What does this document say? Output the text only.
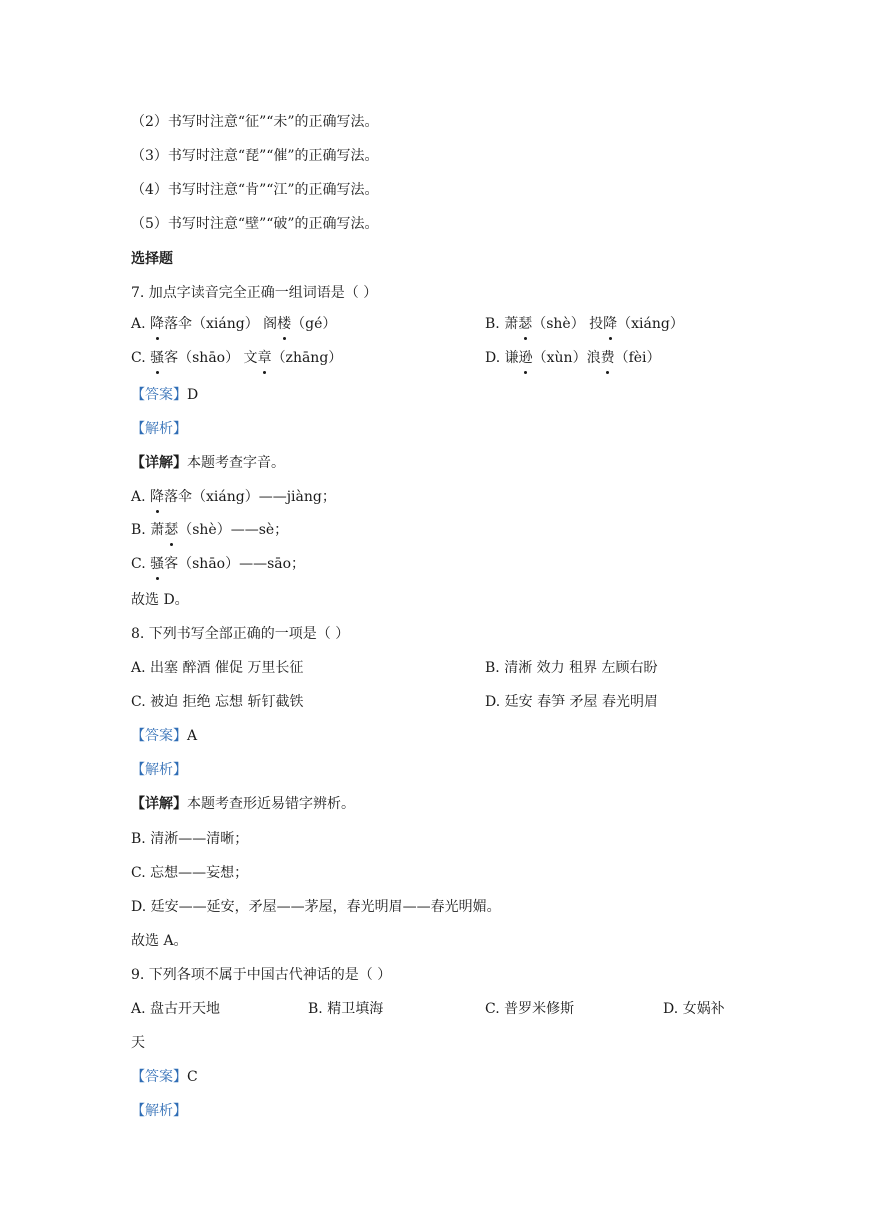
（2）书写时注意“征”“未”的正确写法。
（3）书写时注意“琵”“催”的正确写法。
（4）书写时注意“肯”“江”的正确写法。
（5）书写时注意“壁”“破”的正确写法。
选择题
7. 加点字读音完全正确一组词语是（ ）
A. 降落伞（xiáng） 阁楼（gé）	B. 萧瑟（shè） 投降（xiáng）
C. 骚客（shāo） 文章（zhāng）	D. 谦逊（xùn）浪费（fèi）
【答案】D
【解析】
【详解】本题考查字音。
A. 降落伞（xiáng）——jiàng；
B. 萧瑟（shè）——sè；
C. 骚客（shāo）——sāo；
故选 D。
8. 下列书写全部正确的一项是（ ）
A. 出塞 醉酒 催促 万里长征	B. 清淅 效力 租界 左顾右盼
C. 被迫 拒绝 忘想 斩钉截铁	D. 廷安 春笋 矛屋 春光明眉
【答案】A
【解析】
【详解】本题考查形近易错字辨析。
B. 清淅——清晰；
C. 忘想——妄想；
D. 廷安——延安，矛屋——茅屋，春光明眉——春光明媚。
故选 A。
9. 下列各项不属于中国古代神话的是（ ）
A. 盘古开天地	B. 精卫填海	C. 普罗米修斯	D. 女娲补
天
【答案】C
【解析】
